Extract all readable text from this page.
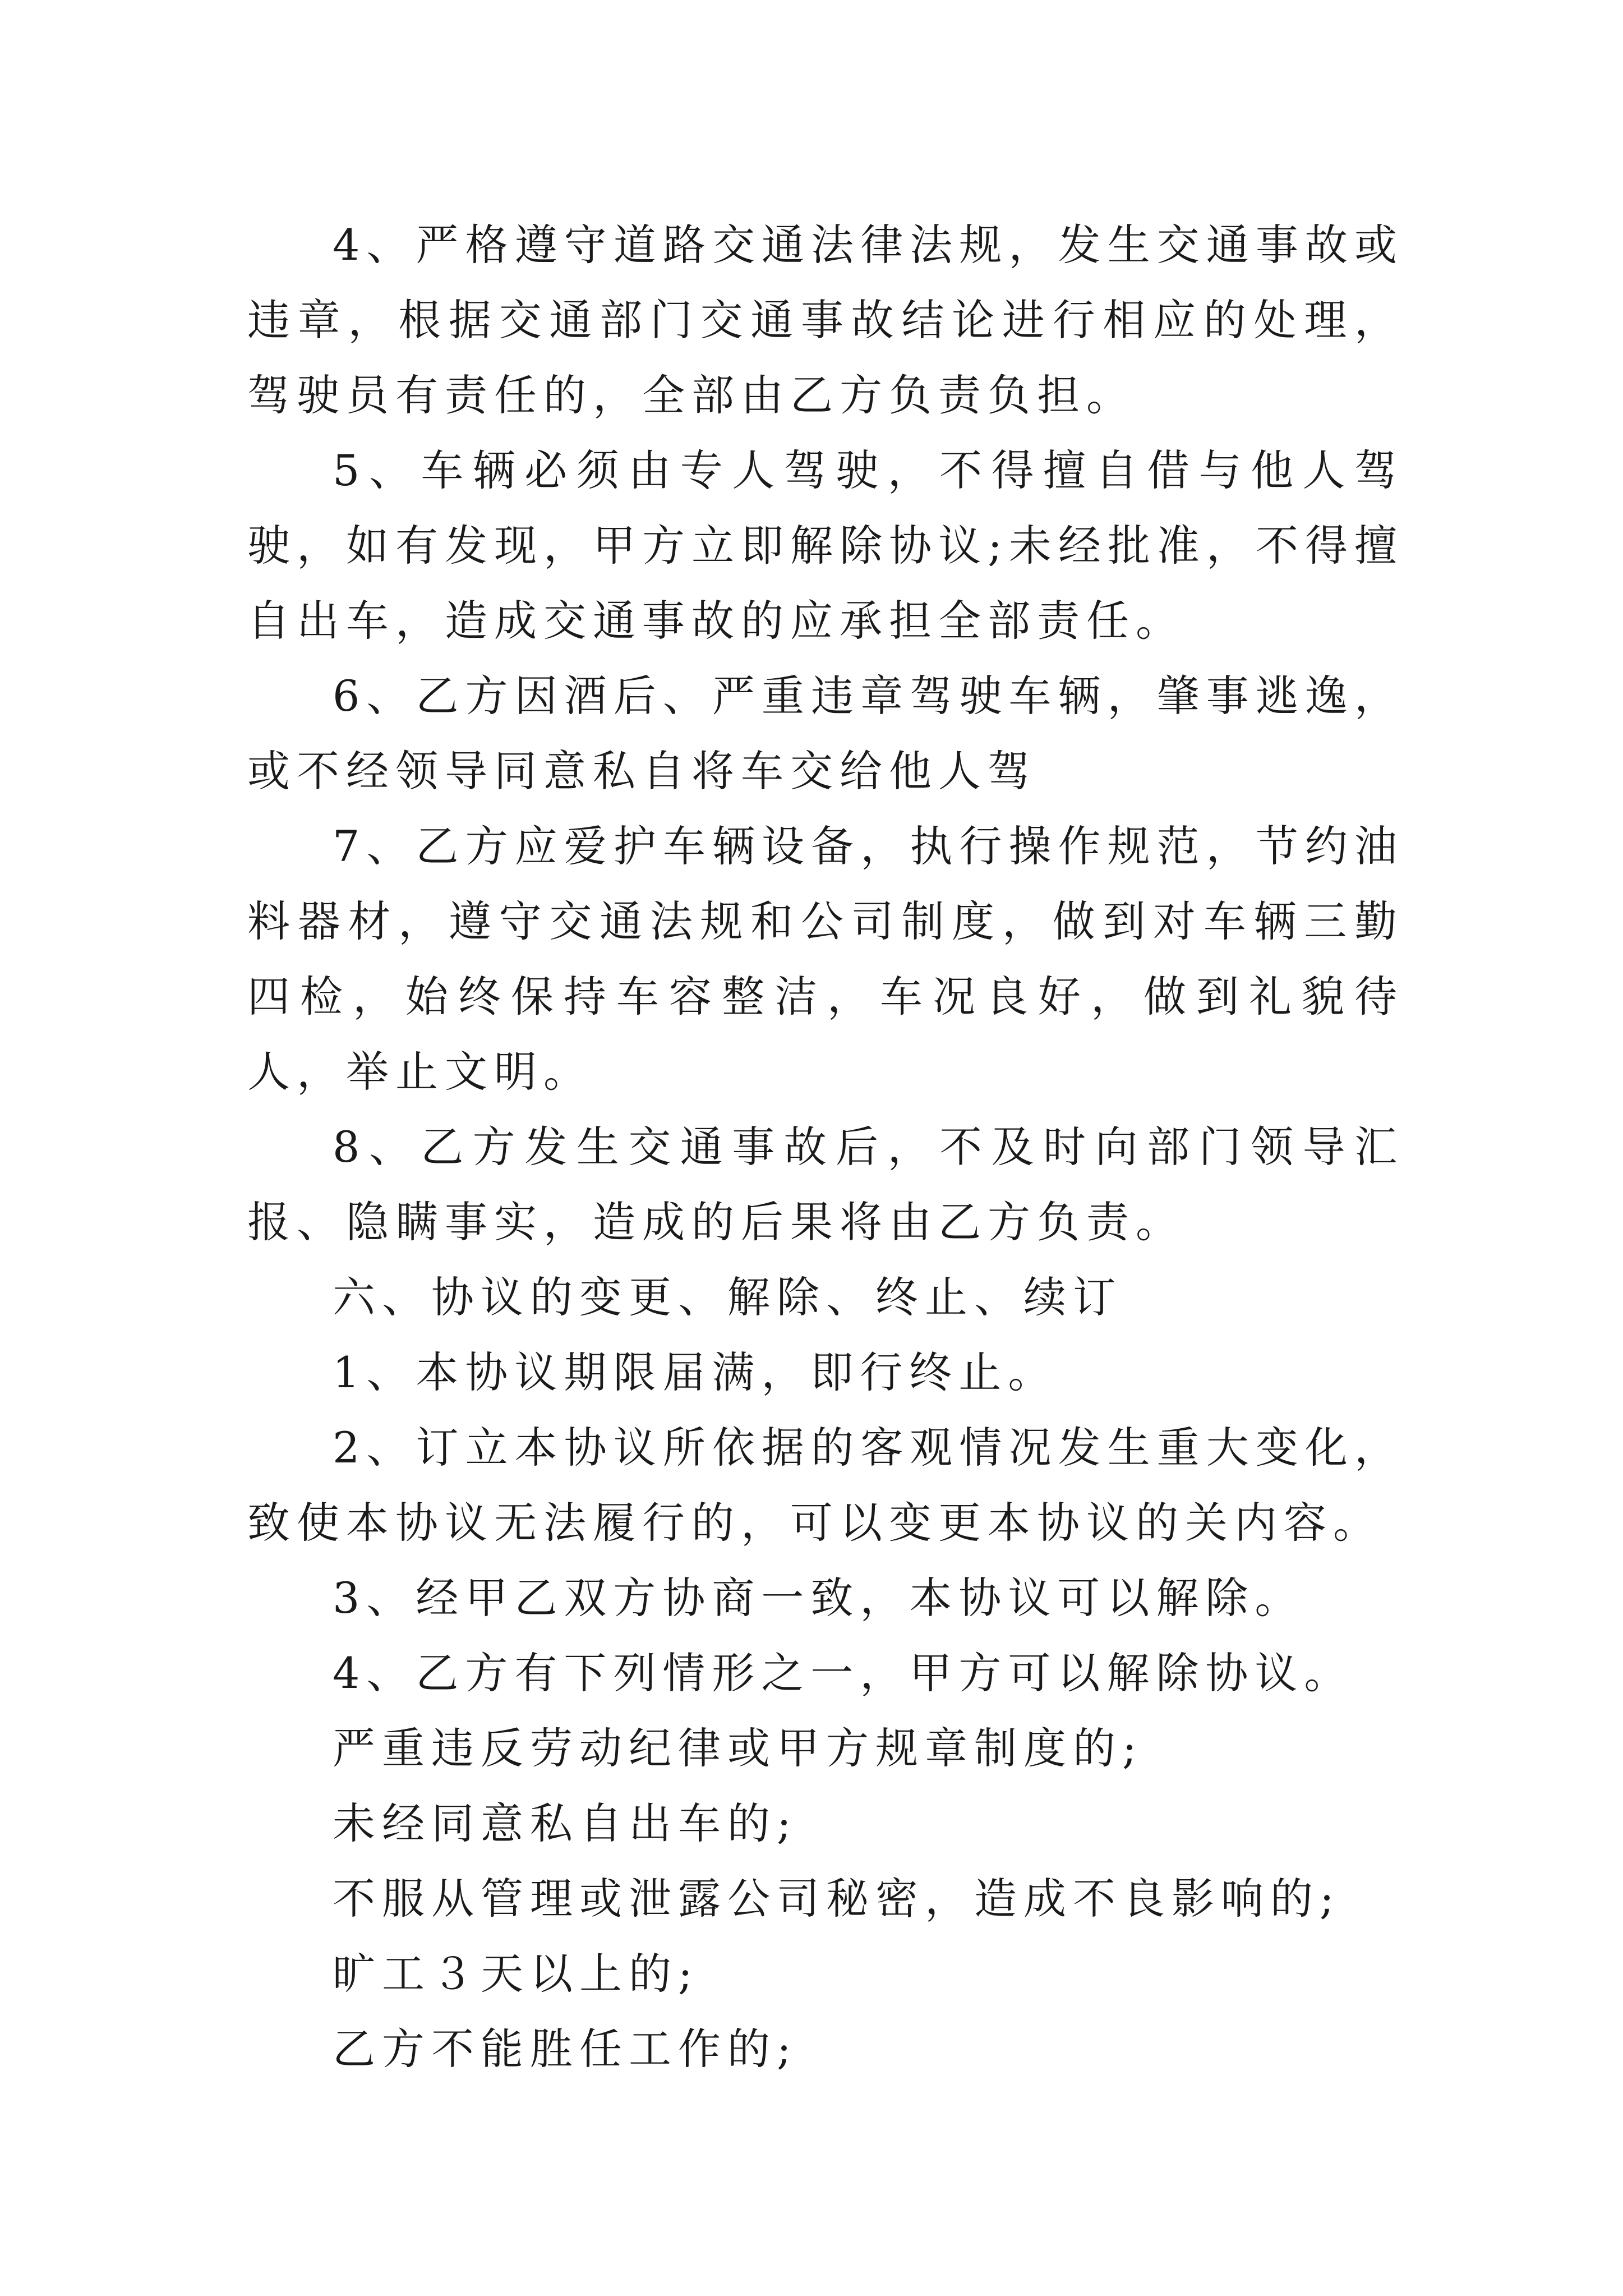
4、严格遵守道路交通法律法规，发生交通事故或违章，根据交通部门交通事故结论进行相应的处理，驾驶员有责任的，全部由乙方负责负担。

5、车辆必须由专人驾驶，不得擅自借与他人驾驶，如有发现，甲方立即解除协议;未经批准，不得擅自出车，造成交通事故的应承担全部责任。

6、乙方因酒后、严重违章驾驶车辆，肇事逃逸，或不经领导同意私自将车交给他人驾

7、乙方应爱护车辆设备，执行操作规范，节约油料器材，遵守交通法规和公司制度，做到对车辆三勤四检，始终保持车容整洁，车况良好，做到礼貌待人，举止文明。

8、乙方发生交通事故后，不及时向部门领导汇报、隐瞒事实，造成的后果将由乙方负责。

六、协议的变更、解除、终止、续订

1、本协议期限届满，即行终止。

2、订立本协议所依据的客观情况发生重大变化，致使本协议无法履行的，可以变更本协议的关内容。

3、经甲乙双方协商一致，本协议可以解除。

4、乙方有下列情形之一，甲方可以解除协议。

严重违反劳动纪律或甲方规章制度的;

未经同意私自出车的;

不服从管理或泄露公司秘密，造成不良影响的;

旷工３天以上的;

乙方不能胜任工作的;
